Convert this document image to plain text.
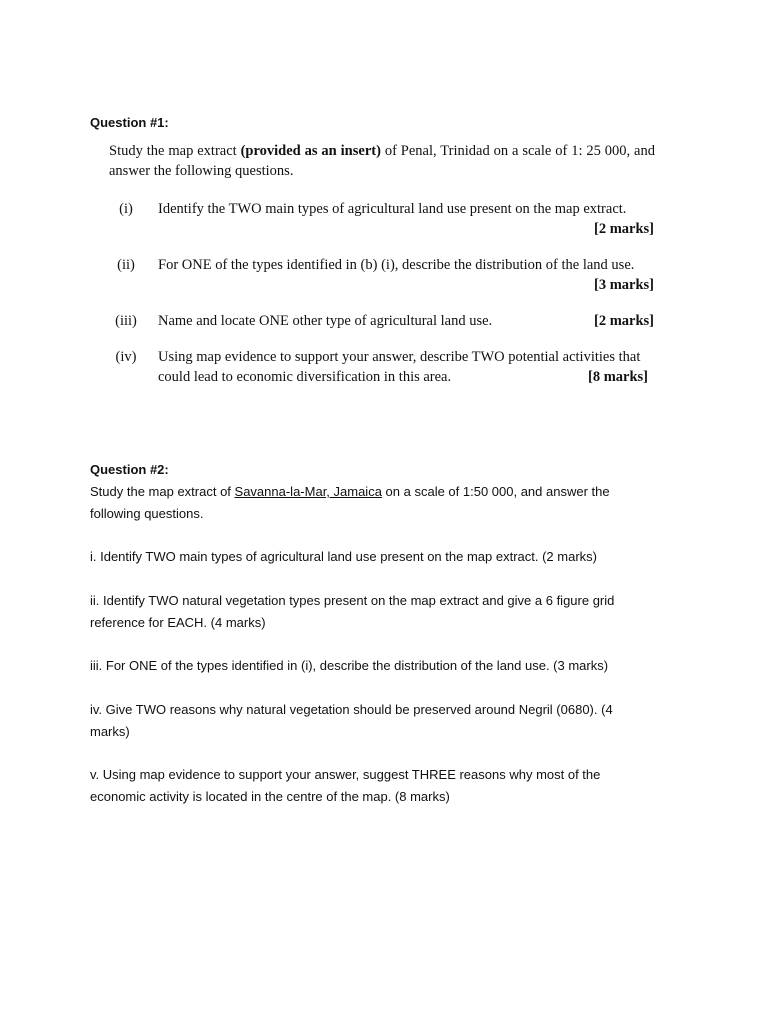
Question #1:
Study the map extract (provided as an insert) of Penal, Trinidad on a scale of 1: 25 000, and answer the following questions.
(i)	Identify the TWO main types of agricultural land use present on the map extract.
[2 marks]
(ii)	For ONE of the types identified in (b) (i), describe the distribution of the land use.
[3 marks]
(iii)	Name and locate ONE other type of agricultural land use.	[2 marks]
(iv)	Using map evidence to support your answer, describe TWO potential activities that could lead to economic diversification in this area.	[8 marks]
Question #2:
Study the map extract of Savanna-la-Mar, Jamaica on a scale of 1:50 000, and answer the following questions.
i. Identify TWO main types of agricultural land use present on the map extract. (2 marks)
ii. Identify TWO natural vegetation types present on the map extract and give a 6 figure grid reference for EACH. (4 marks)
iii. For ONE of the types identified in (i), describe the distribution of the land use. (3 marks)
iv. Give TWO reasons why natural vegetation should be preserved around Negril (0680). (4 marks)
v. Using map evidence to support your answer, suggest THREE reasons why most of the economic activity is located in the centre of the map. (8 marks)
